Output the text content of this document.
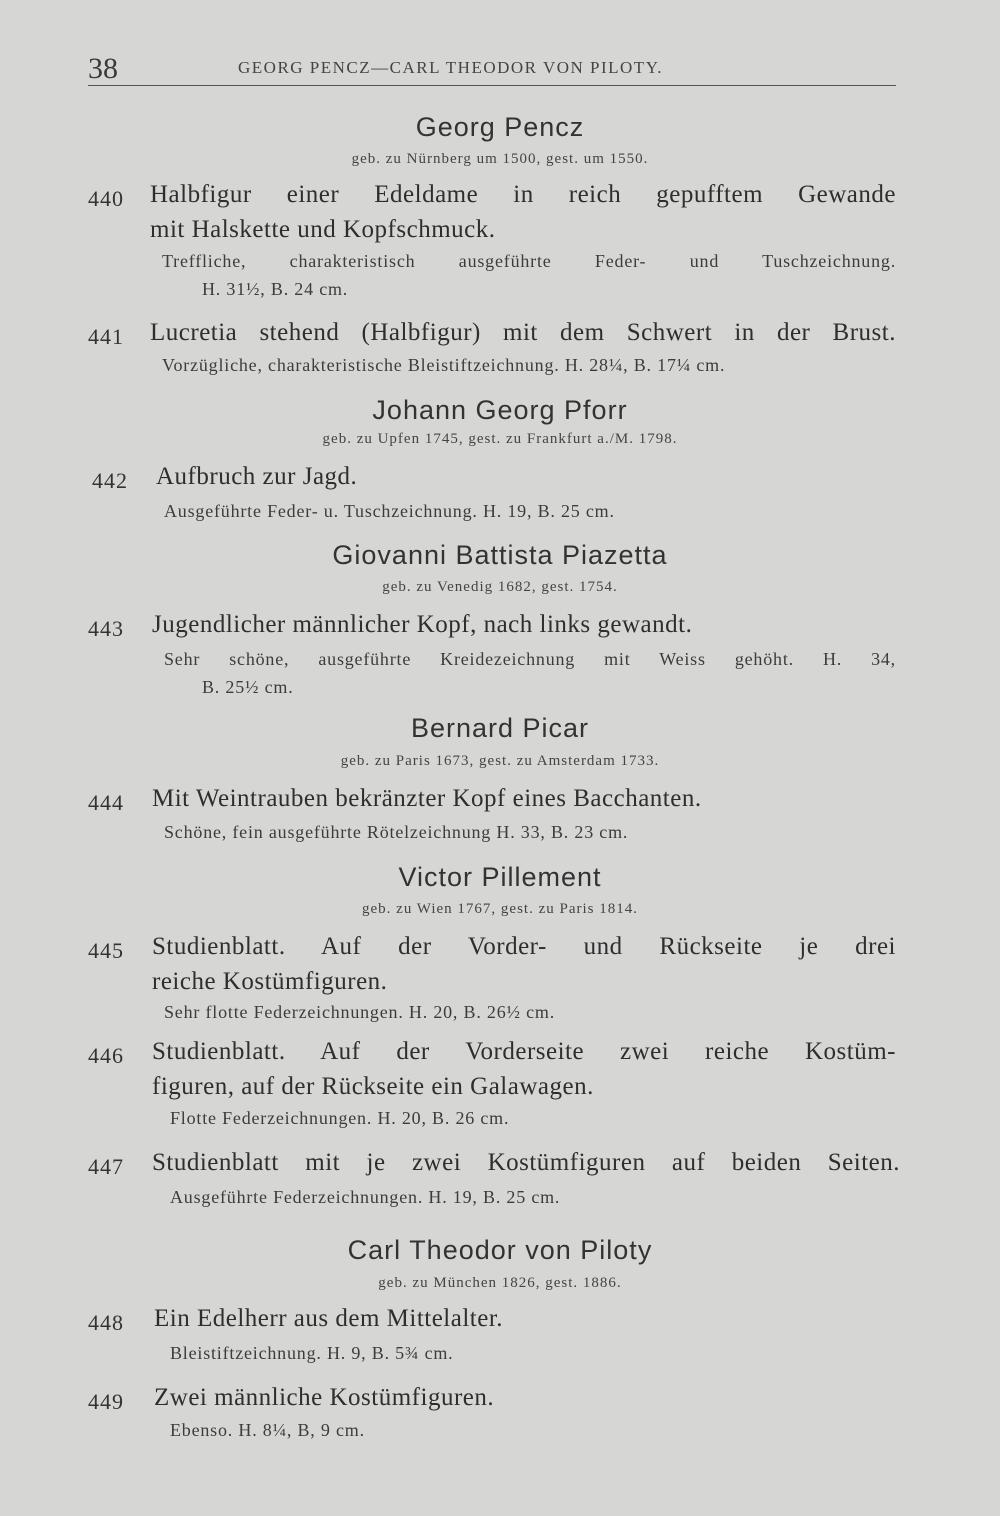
38	GEORG PENCZ—CARL THEODOR VON PILOTY.
Georg Pencz
geb. zu Nürnberg um 1500, gest. um 1550.
440 Halbfigur einer Edeldame in reich gepufftem Gewande
mit Halskette und Kopfschmuck.
Treffliche, charakteristisch ausgeführte Feder- und Tuschzeichnung.
H. 31½, B. 24 cm.
441 Lucretia stehend (Halbfigur) mit dem Schwert in der Brust.
Vorzügliche, charakteristische Bleistiftzeichnung. H. 28¼, B. 17¼ cm.
Johann Georg Pforr
geb. zu Upfen 1745, gest. zu Frankfurt a./M. 1798.
442 Aufbruch zur Jagd.
Ausgeführte Feder- u. Tuschzeichnung. H. 19, B. 25 cm.
Giovanni Battista Piazetta
geb. zu Venedig 1682, gest. 1754.
443 Jugendlicher männlicher Kopf, nach links gewandt.
Sehr schöne, ausgeführte Kreidezeichnung mit Weiss gehöht. H. 34,
B. 25½ cm.
Bernard Picar
geb. zu Paris 1673, gest. zu Amsterdam 1733.
444 Mit Weintrauben bekränzter Kopf eines Bacchanten.
Schöne, fein ausgeführte Rötelzeichnung H. 33, B. 23 cm.
Victor Pillement
geb. zu Wien 1767, gest. zu Paris 1814.
445 Studienblatt. Auf der Vorder- und Rückseite je drei
reiche Kostümfiguren.
Sehr flotte Federzeichnungen. H. 20, B. 26½ cm.
446 Studienblatt. Auf der Vorderseite zwei reiche Kostüm-
figuren, auf der Rückseite ein Galawagen.
Flotte Federzeichnungen. H. 20, B. 26 cm.
447 Studienblatt mit je zwei Kostümfiguren auf beiden Seiten.
Ausgeführte Federzeichnungen. H. 19, B. 25 cm.
Carl Theodor von Piloty
geb. zu München 1826, gest. 1886.
448 Ein Edelherr aus dem Mittelalter.
Bleistiftzeichnung. H. 9, B. 5¾ cm.
449 Zwei männliche Kostümfiguren.
Ebenso. H. 8¼, B, 9 cm.
